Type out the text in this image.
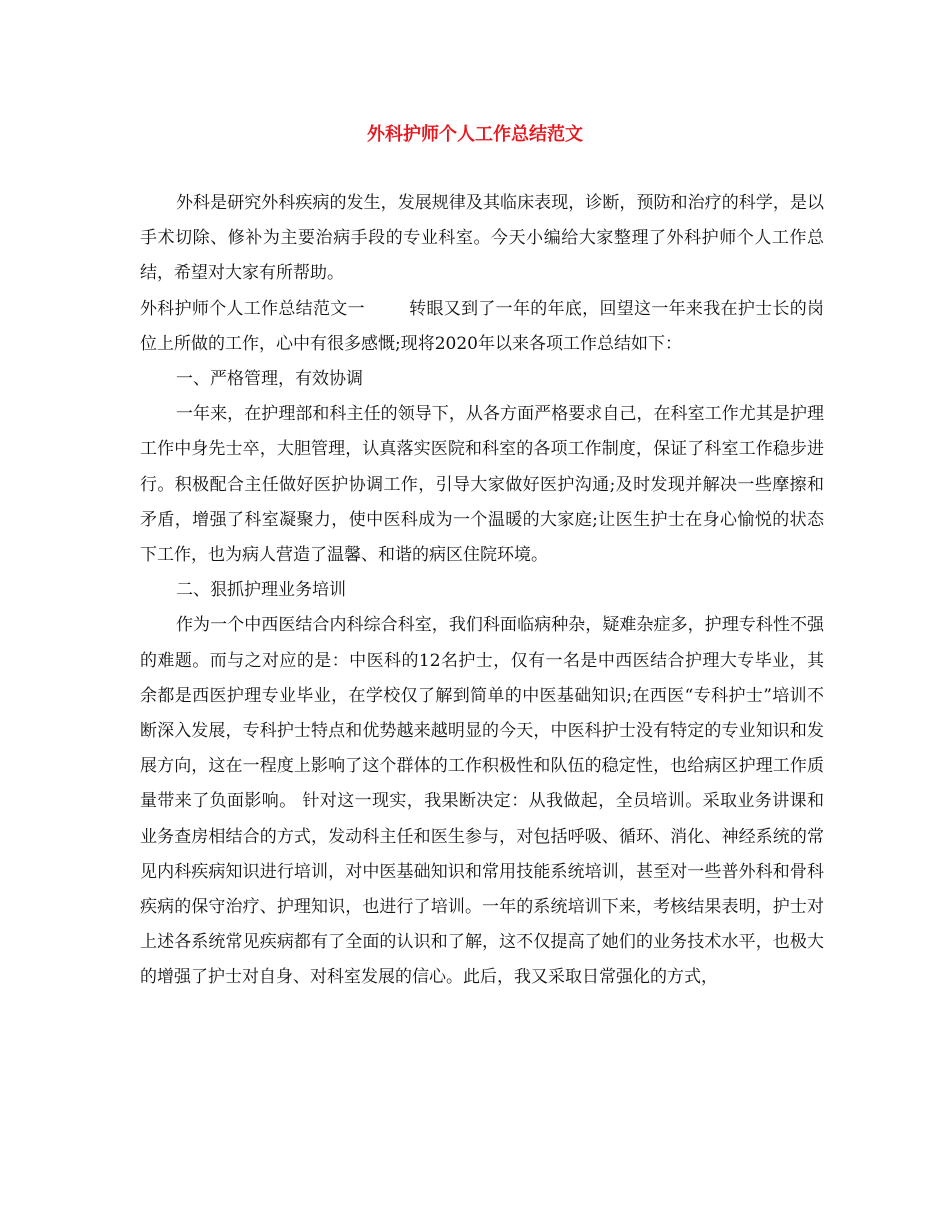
外科护师个人工作总结范文

外科是研究外科疾病的发生，发展规律及其临床表现，诊断，预防和治疗的科学，是以手术切除、修补为主要治病手段的专业科室。今天小编给大家整理了外科护师个人工作总结，希望对大家有所帮助。

外科护师个人工作总结范文一	转眼又到了一年的年底，回望这一年来我在护士长的岗位上所做的工作，心中有很多感慨;现将2020年以来各项工作总结如下：

一、严格管理，有效协调

一年来，在护理部和科主任的领导下，从各方面严格要求自己，在科室工作尤其是护理工作中身先士卒，大胆管理，认真落实医院和科室的各项工作制度，保证了科室工作稳步进行。积极配合主任做好医护协调工作，引导大家做好医护沟通;及时发现并解决一些摩擦和矛盾，增强了科室凝聚力，使中医科成为一个温暖的大家庭;让医生护士在身心愉悦的状态下工作，也为病人营造了温馨、和谐的病区住院环境。

二、狠抓护理业务培训

作为一个中西医结合内科综合科室，我们科面临病种杂，疑难杂症多，护理专科性不强的难题。而与之对应的是：中医科的12名护士，仅有一名是中西医结合护理大专毕业，其余都是西医护理专业毕业，在学校仅了解到简单的中医基础知识;在西医“专科护士”培训不断深入发展，专科护士特点和优势越来越明显的今天，中医科护士没有特定的专业知识和发展方向，这在一程度上影响了这个群体的工作积极性和队伍的稳定性，也给病区护理工作质量带来了负面影响。 针对这一现实，我果断决定：从我做起，全员培训。采取业务讲课和业务查房相结合的方式，发动科主任和医生参与，对包括呼吸、循环、消化、神经系统的常见内科疾病知识进行培训，对中医基础知识和常用技能系统培训，甚至对一些普外科和骨科疾病的保守治疗、护理知识，也进行了培训。一年的系统培训下来，考核结果表明，护士对上述各系统常见疾病都有了全面的认识和了解，这不仅提高了她们的业务技术水平，也极大的增强了护士对自身、对科室发展的信心。此后，我又采取日常强化的方式，
